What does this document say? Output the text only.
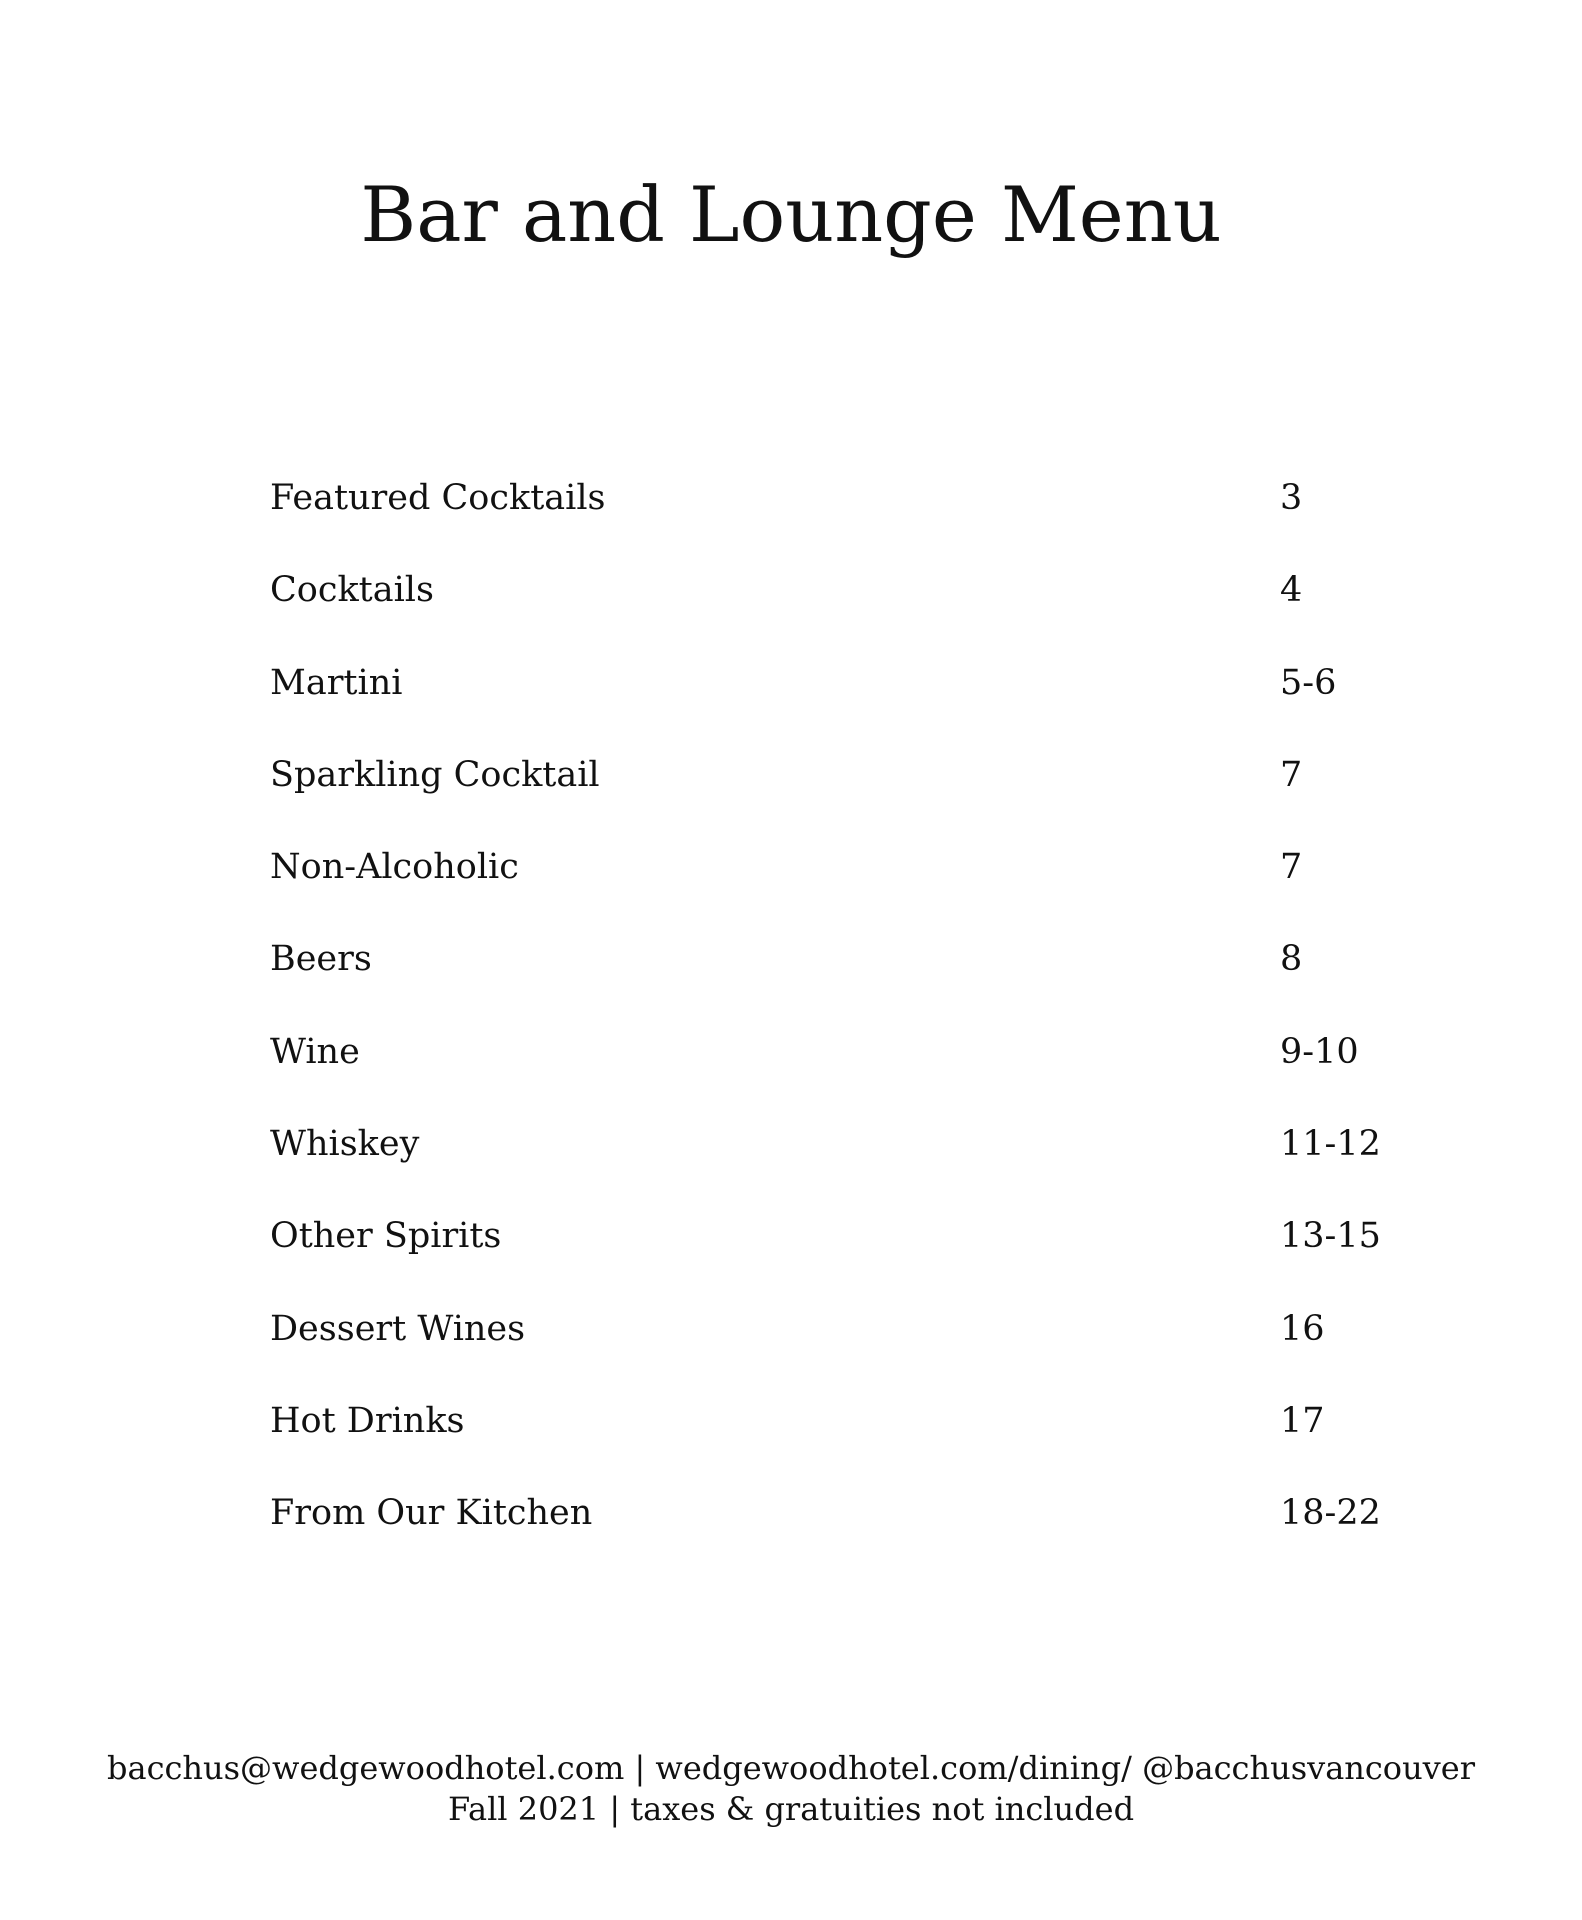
Bar and Lounge Menu
Featured Cocktails	3
Cocktails	4
Martini	5-6
Sparkling Cocktail	7
Non-Alcoholic	7
Beers	8
Wine	9-10
Whiskey	11-12
Other Spirits	13-15
Dessert Wines	16
Hot Drinks	17
From Our Kitchen	18-22
bacchus@wedgewoodhotel.com | wedgewoodhotel.com/dining/ @bacchusvancouver
Fall 2021 | taxes & gratuities not included
